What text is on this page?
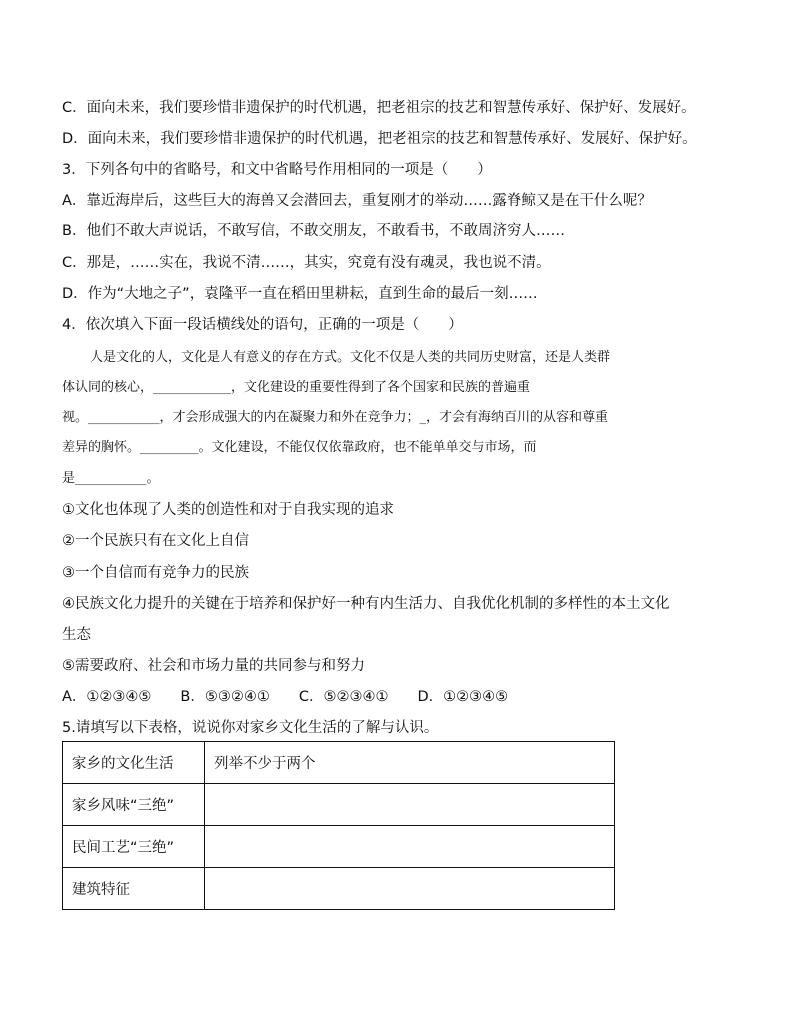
C．面向未来，我们要珍惜非遗保护的时代机遇，把老祖宗的技艺和智慧传承好、保护好、发展好。
D．面向未来，我们要珍惜非遗保护的时代机遇，把老祖宗的技艺和智慧传承好、发展好、保护好。
3．下列各句中的省略号，和文中省略号作用相同的一项是（　　）
A．靠近海岸后，这些巨大的海兽又会潜回去，重复刚才的举动……露脊鲸又是在干什么呢？
B．他们不敢大声说话，不敢写信，不敢交朋友，不敢看书，不敢周济穷人……
C．那是，……实在，我说不清……，其实，究竟有没有魂灵，我也说不清。
D．作为“大地之子”，袁隆平一直在稻田里耕耘，直到生命的最后一刻……
4．依次填入下面一段话横线处的语句，正确的一项是（　　）
人是文化的人，文化是人有意义的存在方式。文化不仅是人类的共同历史财富，还是人类群
体认同的核心，____________，文化建设的重要性得到了各个国家和民族的普遍重
视。___________，才会形成强大的内在凝聚力和外在竞争力；_，才会有海纳百川的从容和尊重
差异的胸怀。_________。文化建设，不能仅仅依靠政府，也不能单单交与市场，而
是___________。
①文化也体现了人类的创造性和对于自我实现的追求
②一个民族只有在文化上自信
③一个自信而有竞争力的民族
④民族文化力提升的关键在于培养和保护好一种有内生活力、自我优化机制的多样性的本土文化
生态
⑤需要政府、社会和市场力量的共同参与和努力
A．①②③④⑤　　B．⑤③②④①　　C．⑤②③④①　　D．①②③④⑤
5.请填写以下表格，说说你对家乡文化生活的了解与认识。
家乡的文化生活	列举不少于两个
家乡风味“三绝”	
民间工艺“三绝”	
建筑特征	
